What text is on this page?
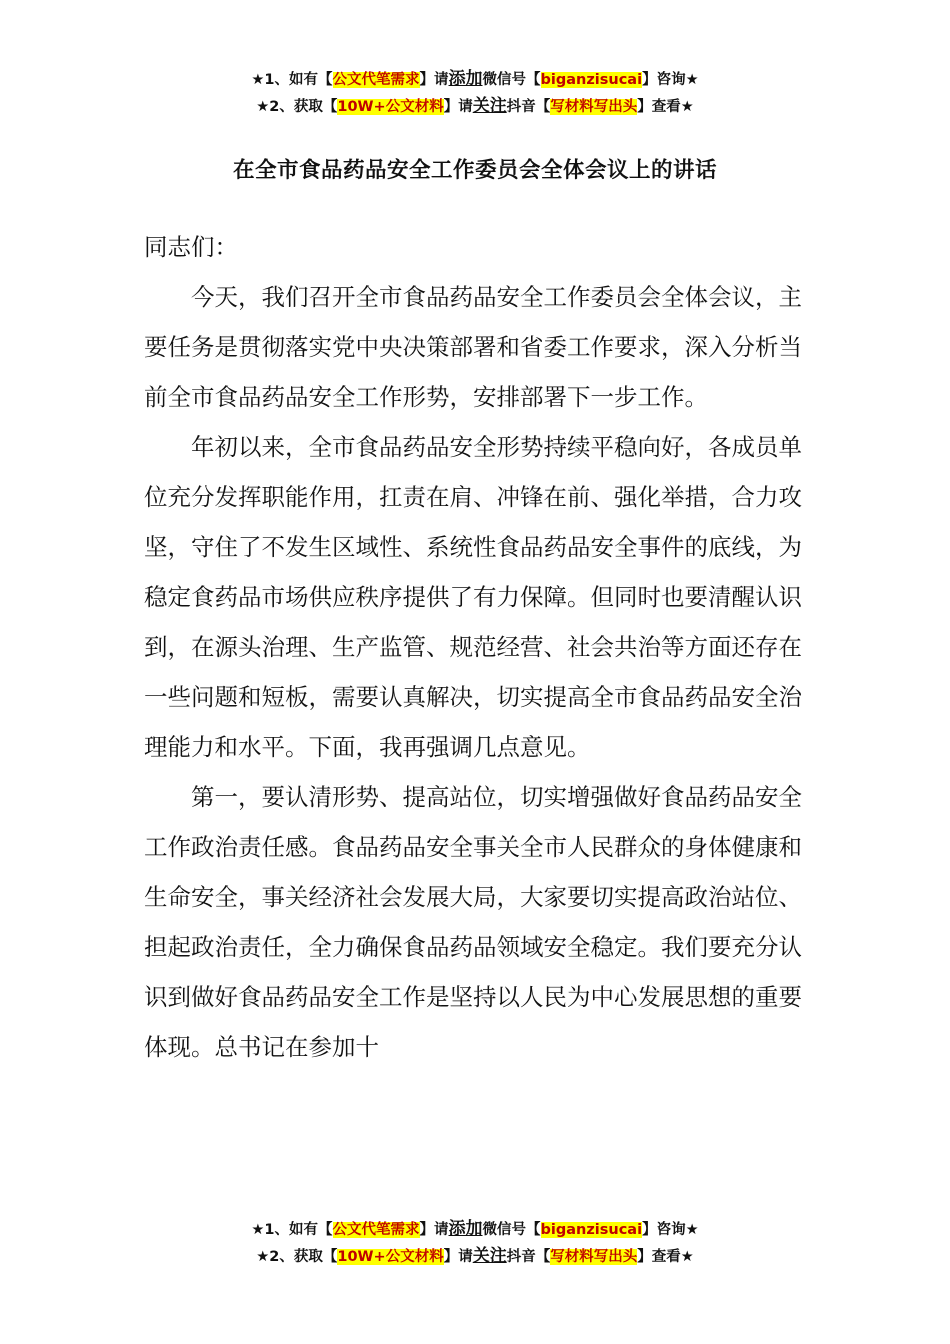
★1、如有【公文代笔需求】请添加微信号【biganzisucai】咨询★
★2、获取【10W+公文材料】请关注抖音【写材料写出头】查看★
在全市食品药品安全工作委员会全体会议上的讲话

同志们：

今天，我们召开全市食品药品安全工作委员会全体会议，主要任务是贯彻落实党中央决策部署和省委工作要求，深入分析当前全市食品药品安全工作形势，安排部署下一步工作。

年初以来，全市食品药品安全形势持续平稳向好，各成员单位充分发挥职能作用，扛责在肩、冲锋在前、强化举措，合力攻坚，守住了不发生区域性、系统性食品药品安全事件的底线，为稳定食药品市场供应秩序提供了有力保障。但同时也要清醒认识到，在源头治理、生产监管、规范经营、社会共治等方面还存在一些问题和短板，需要认真解决，切实提高全市食品药品安全治理能力和水平。下面，我再强调几点意见。

第一，要认清形势、提高站位，切实增强做好食品药品安全工作政治责任感。食品药品安全事关全市人民群众的身体健康和生命安全，事关经济社会发展大局，大家要切实提高政治站位、担起政治责任，全力确保食品药品领域安全稳定。我们要充分认识到做好食品药品安全工作是坚持以人民为中心发展思想的重要体现。总书记在参加十

★1、如有【公文代笔需求】请添加微信号【biganzisucai】咨询★
★2、获取【10W+公文材料】请关注抖音【写材料写出头】查看★
